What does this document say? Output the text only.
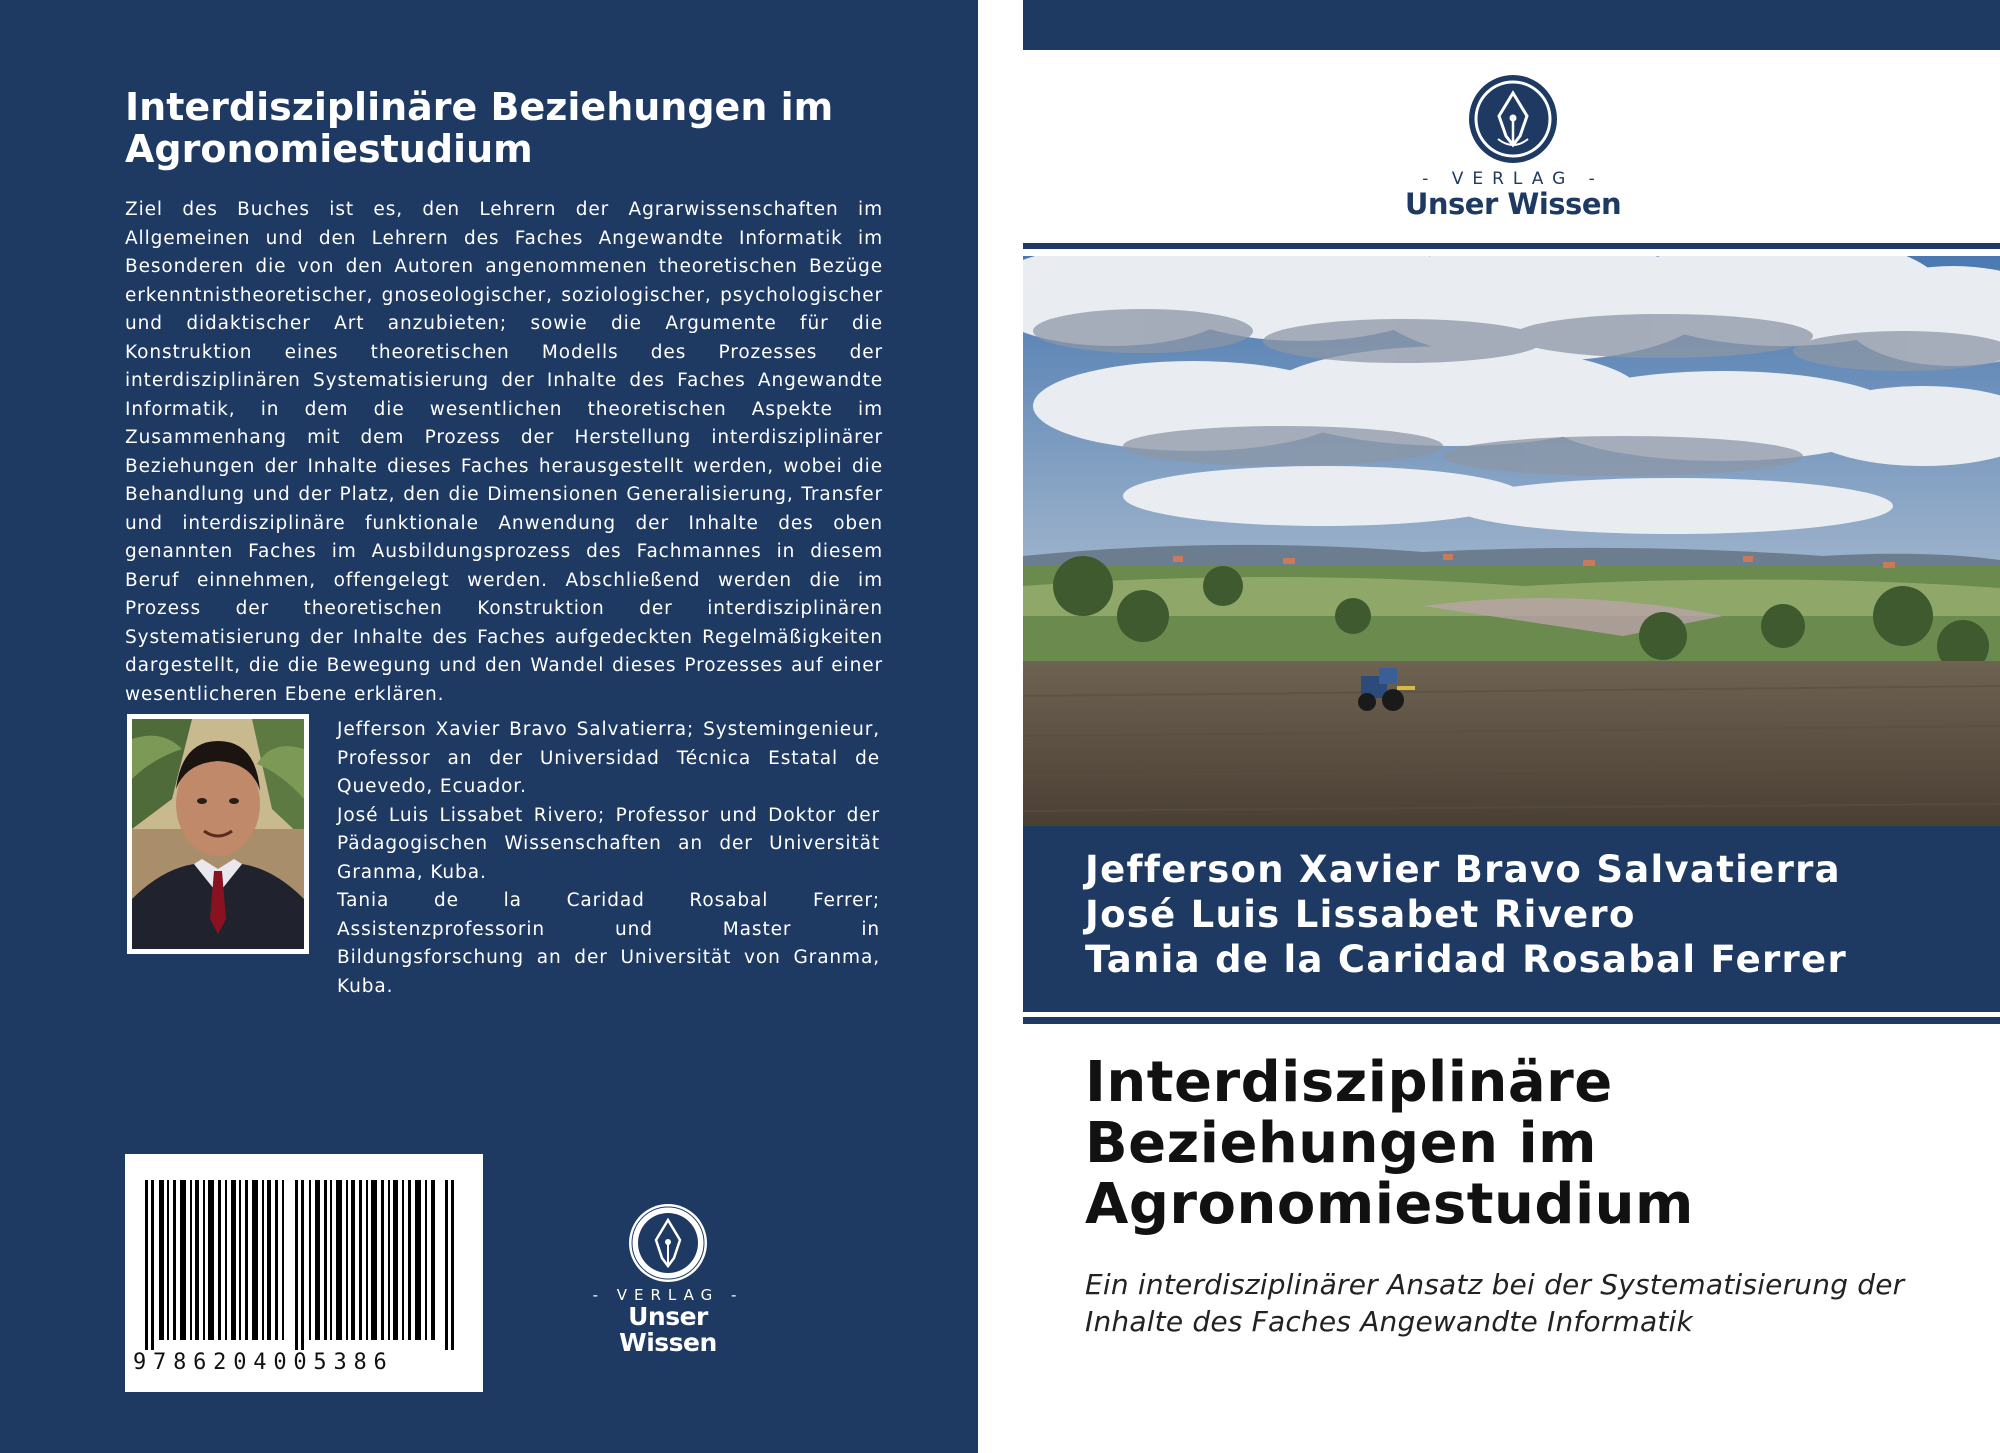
Interdisziplinäre Beziehungen im Agronomiestudium
Ziel des Buches ist es, den Lehrern der Agrarwissenschaften im Allgemeinen und den Lehrern des Faches Angewandte Informatik im Besonderen die von den Autoren angenommenen theoretischen Bezüge erkenntnistheoretischer, gnoseologischer, soziologischer, psychologischer und didaktischer Art anzubieten; sowie die Argumente für die Konstruktion eines theoretischen Modells des Prozesses der interdisziplinären Systematisierung der Inhalte des Faches Angewandte Informatik, in dem die wesentlichen theoretischen Aspekte im Zusammenhang mit dem Prozess der Herstellung interdisziplinärer Beziehungen der Inhalte dieses Faches herausgestellt werden, wobei die Behandlung und der Platz, den die Dimensionen Generalisierung, Transfer und interdisziplinäre funktionale Anwendung der Inhalte des oben genannten Faches im Ausbildungsprozess des Fachmannes in diesem Beruf einnehmen, offengelegt werden. Abschließend werden die im Prozess der theoretischen Konstruktion der interdisziplinären Systematisierung der Inhalte des Faches aufgedeckten Regelmäßigkeiten dargestellt, die die Bewegung und den Wandel dieses Prozesses auf einer wesentlicheren Ebene erklären.
Jefferson Xavier Bravo Salvatierra; Systemingenieur, Professor an der Universidad Técnica Estatal de Quevedo, Ecuador.
José Luis Lissabet Rivero; Professor und Doktor der Pädagogischen Wissenschaften an der Universität Granma, Kuba.
Tania de la Caridad Rosabal Ferrer; Assistenzprofessorin und Master in Bildungsforschung an der Universität von Granma, Kuba.
9786204005386
- VERLAG -
Unser Wissen
- VERLAG -
Unser Wissen
Jefferson Xavier Bravo Salvatierra
José Luis Lissabet Rivero
Tania de la Caridad Rosabal Ferrer
Interdisziplinäre Beziehungen im Agronomiestudium
Ein interdisziplinärer Ansatz bei der Systematisierung der Inhalte des Faches Angewandte Informatik
